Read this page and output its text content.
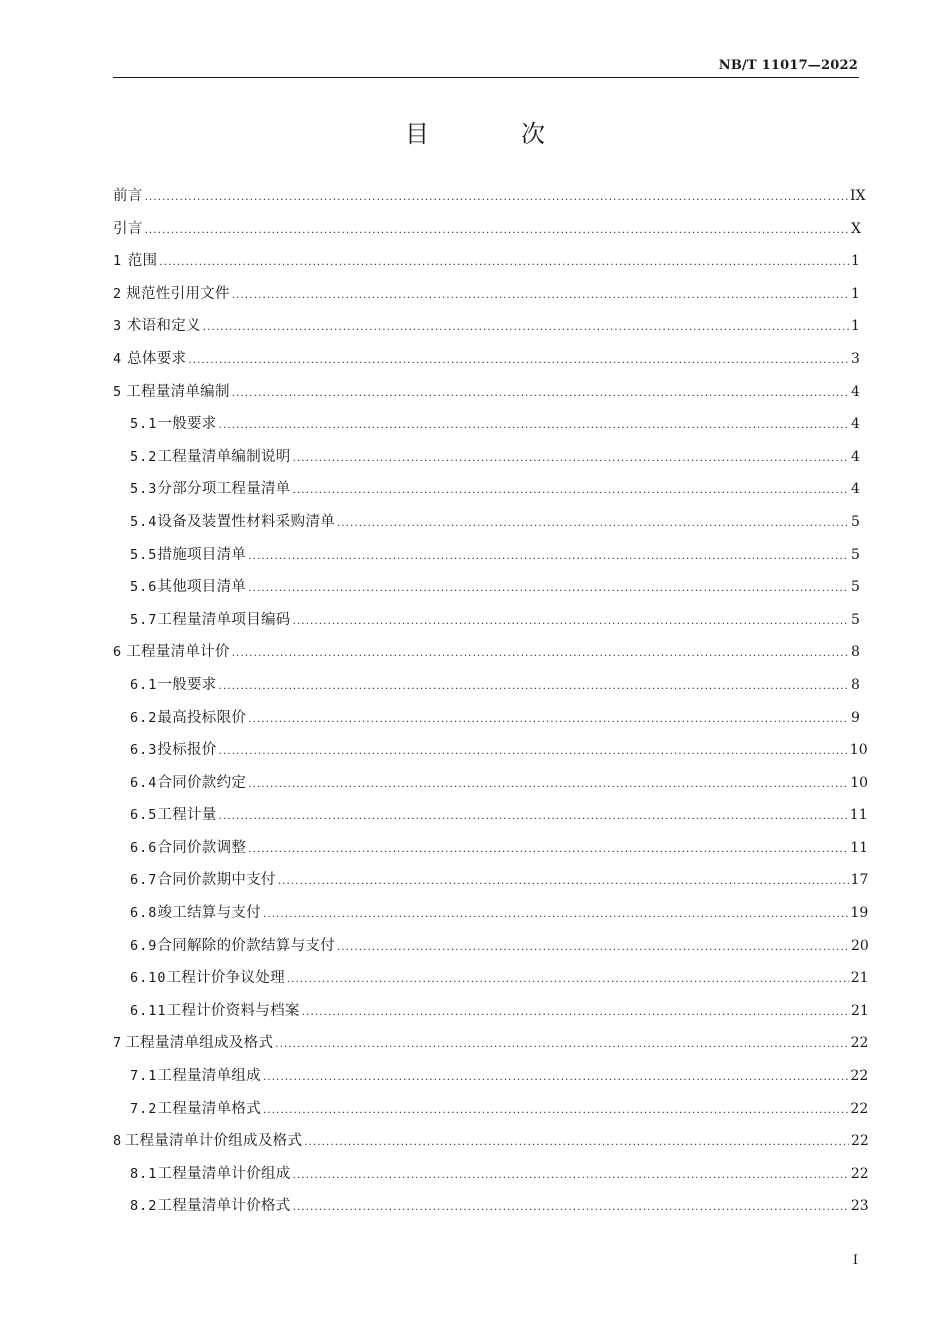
NB/T 11017—2022
目　次
前言 .....	IX
引言 .....	X
1 范围 .....	1
2 规范性引用文件 .....	1
3 术语和定义 .....	1
4 总体要求 .....	3
5 工程量清单编制 .....	4
5.1 一般要求 .....	4
5.2 工程量清单编制说明 .....	4
5.3 分部分项工程量清单 .....	4
5.4 设备及装置性材料采购清单 .....	5
5.5 措施项目清单 .....	5
5.6 其他项目清单 .....	5
5.7 工程量清单项目编码 .....	5
6 工程量清单计价 .....	8
6.1 一般要求 .....	8
6.2 最高投标限价 .....	9
6.3 投标报价 .....	10
6.4 合同价款约定 .....	10
6.5 工程计量 .....	11
6.6 合同价款调整 .....	11
6.7 合同价款期中支付 .....	17
6.8 竣工结算与支付 .....	19
6.9 合同解除的价款结算与支付 .....	20
6.10 工程计价争议处理 .....	21
6.11 工程计价资料与档案 .....	21
7 工程量清单组成及格式 .....	22
7.1 工程量清单组成 .....	22
7.2 工程量清单格式 .....	22
8 工程量清单计价组成及格式 .....	22
8.1 工程量清单计价组成 .....	22
8.2 工程量清单计价格式 .....	23
I
